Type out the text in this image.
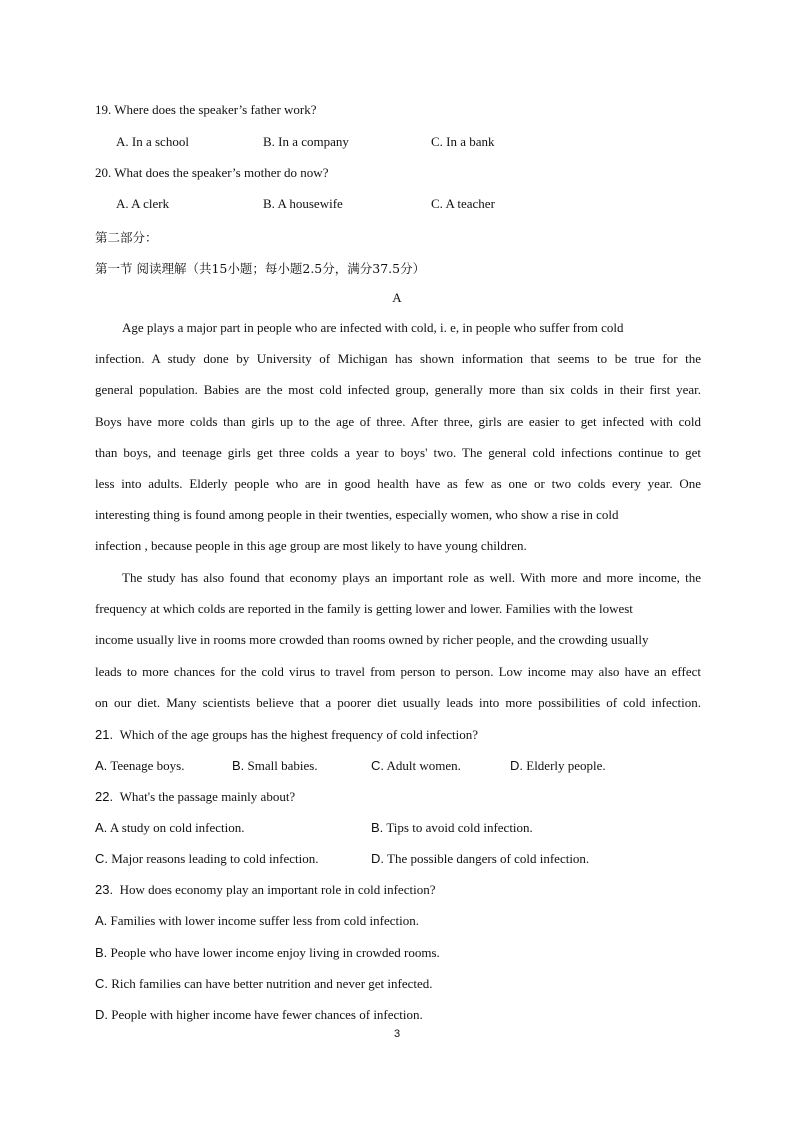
19. Where does the speaker’s father work?
A. In a school	B. In a company	C. In a bank
20. What does the speaker’s mother do now?
A. A clerk	B. A housewife	C. A teacher
第二部分：
第一节 阅读理解（共15小题；每小题2.5分，满分37.5分）
A
Age plays a major part in people who are infected with cold, i. e, in people who suffer from cold
infection. A study done by University of Michigan has shown information that seems to be true for the
general population. Babies are the most cold infected group, generally more than six colds in their first year.
Boys have more colds than girls up to the age of three. After three, girls are easier to get infected with cold
than boys, and teenage girls get three colds a year to boys' two. The general cold infections continue to get
less into adults. Elderly people who are in good health have as few as one or two colds every year. One
interesting thing is found among people in their twenties, especially women, who show a rise in cold
infection , because people in this age group are most likely to have young children.
The study has also found that economy plays an important role as well. With more and more income, the
frequency at which colds are reported in the family is getting lower and lower. Families with the lowest
income usually live in rooms more crowded than rooms owned by richer people, and the crowding usually
leads to more chances for the cold virus to travel from person to person. Low income may also have an effect
on our diet. Many scientists believe that a poorer diet usually leads into more possibilities of cold infection.
21. Which of the age groups has the highest frequency of cold infection?
A. Teenage boys.	B. Small babies.	C. Adult women.	D. Elderly people.
22. What's the passage mainly about?
A. A study on cold infection.	B. Tips to avoid cold infection.
C. Major reasons leading to cold infection.	D. The possible dangers of cold infection.
23. How does economy play an important role in cold infection?
A. Families with lower income suffer less from cold infection.
B. People who have lower income enjoy living in crowded rooms.
C. Rich families can have better nutrition and never get infected.
D. People with higher income have fewer chances of infection.
3
